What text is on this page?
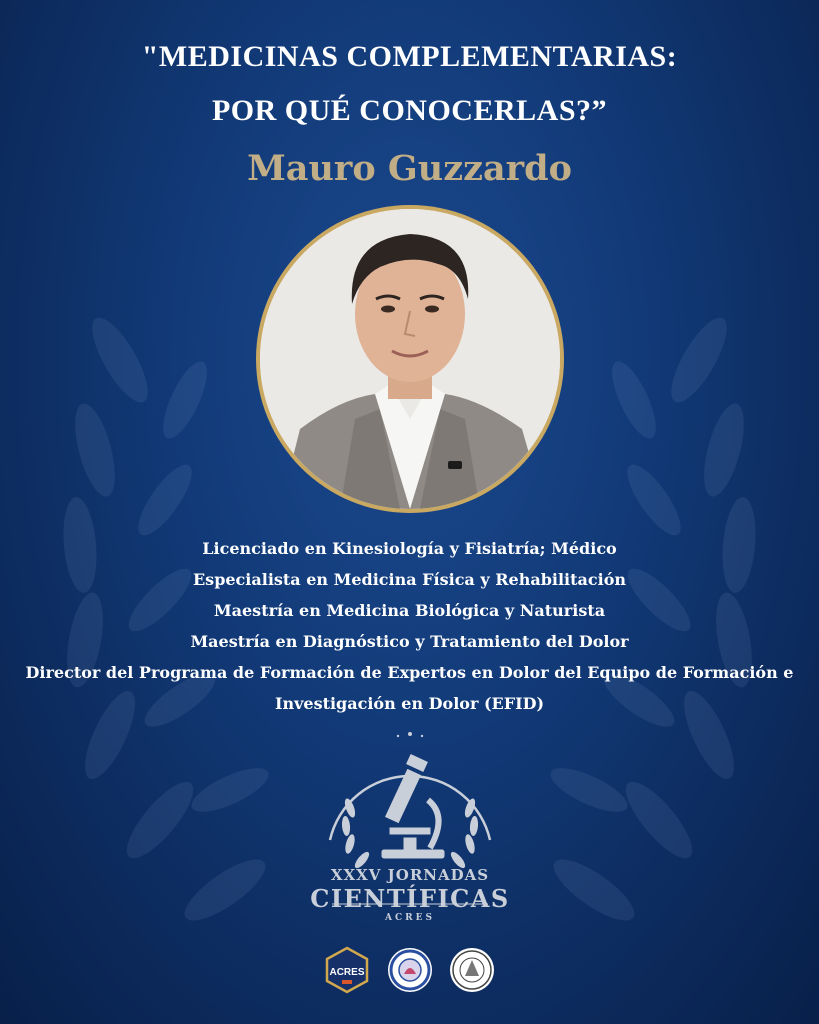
"MEDICINAS COMPLEMENTARIAS:
POR QUÉ CONOCERLAS?”
Mauro Guzzardo
Licenciado en Kinesiología y Fisiatría; Médico
Especialista en Medicina Física y Rehabilitación
Maestría en Medicina Biológica y Naturista
Maestría en Diagnóstico y Tratamiento del Dolor
Director del Programa de Formación de Expertos en Dolor del Equipo de Formación e
Investigación en Dolor (EFID)
XXXV JORNADAS
CIENTÍFICAS
ACRES
ACRES
